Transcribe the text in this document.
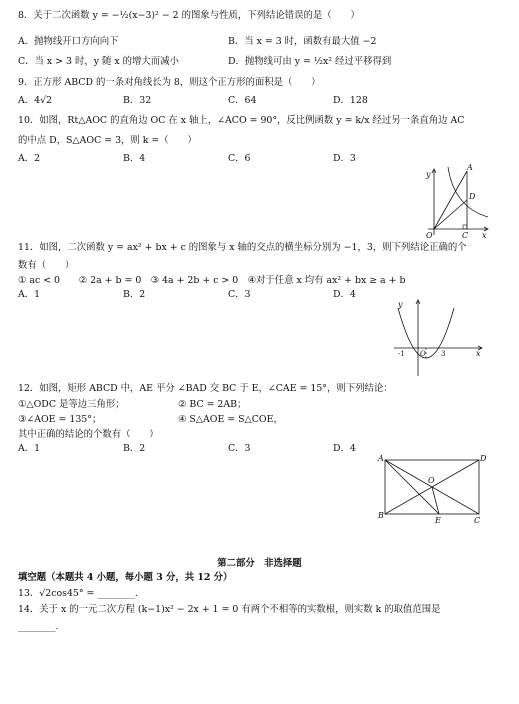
8．关于二次函数 y = −½(x−3)² − 2 的图象与性质，下列结论错误的是（　　）
A．抛物线开口方向向下	B．当 x = 3 时，函数有最大值 −2
C．当 x > 3 时，y 随 x 的增大而减小	D．抛物线可由 y = ½x² 经过平移得到
9．正方形 ABCD 的一条对角线长为 8，则这个正方形的面积是（　　）
A．4√2	B．32	C．64	D．128
10．如图，Rt△AOC 的直角边 OC 在 x 轴上，∠ACO = 90°，反比例函数 y = k/x 经过另一条直角边 AC
的中点 D，S△AOC = 3，则 k =（　　）
A．2	B．4	C．6	D．3
y
A
D
O	C x
11．如图，二次函数 y = ax² + bx + c 的图象与 x 轴的交点的横坐标分别为 −1，3，则下列结论正确的个
数有（　　）
① ac < 0　　② 2a + b = 0　③ 4a + 2b + c > 0　④对于任意 x 均有 ax² + bx ≥ a + b
A．1	B．2	C．3	D．4
y
-1 O 3	x
12．如图，矩形 ABCD 中，AE 平分 ∠BAD 交 BC 于 E，∠CAE = 15°，则下列结论：
①△ODC 是等边三角形；	② BC = 2AB；
③∠AOE = 135°；	④ S△AOE = S△COE，
其中正确的结论的个数有（　　）
A．1	B．2	C．3	D．4
A	D
O
B
E	C
第二部分　非选择题
填空题（本题共 4 小题，每小题 3 分，共 12 分）
13．√2cos45° = ________.
14．关于 x 的一元二次方程 (k−1)x² − 2x + 1 = 0 有两个不相等的实数根，则实数 k 的取值范围是
________.
